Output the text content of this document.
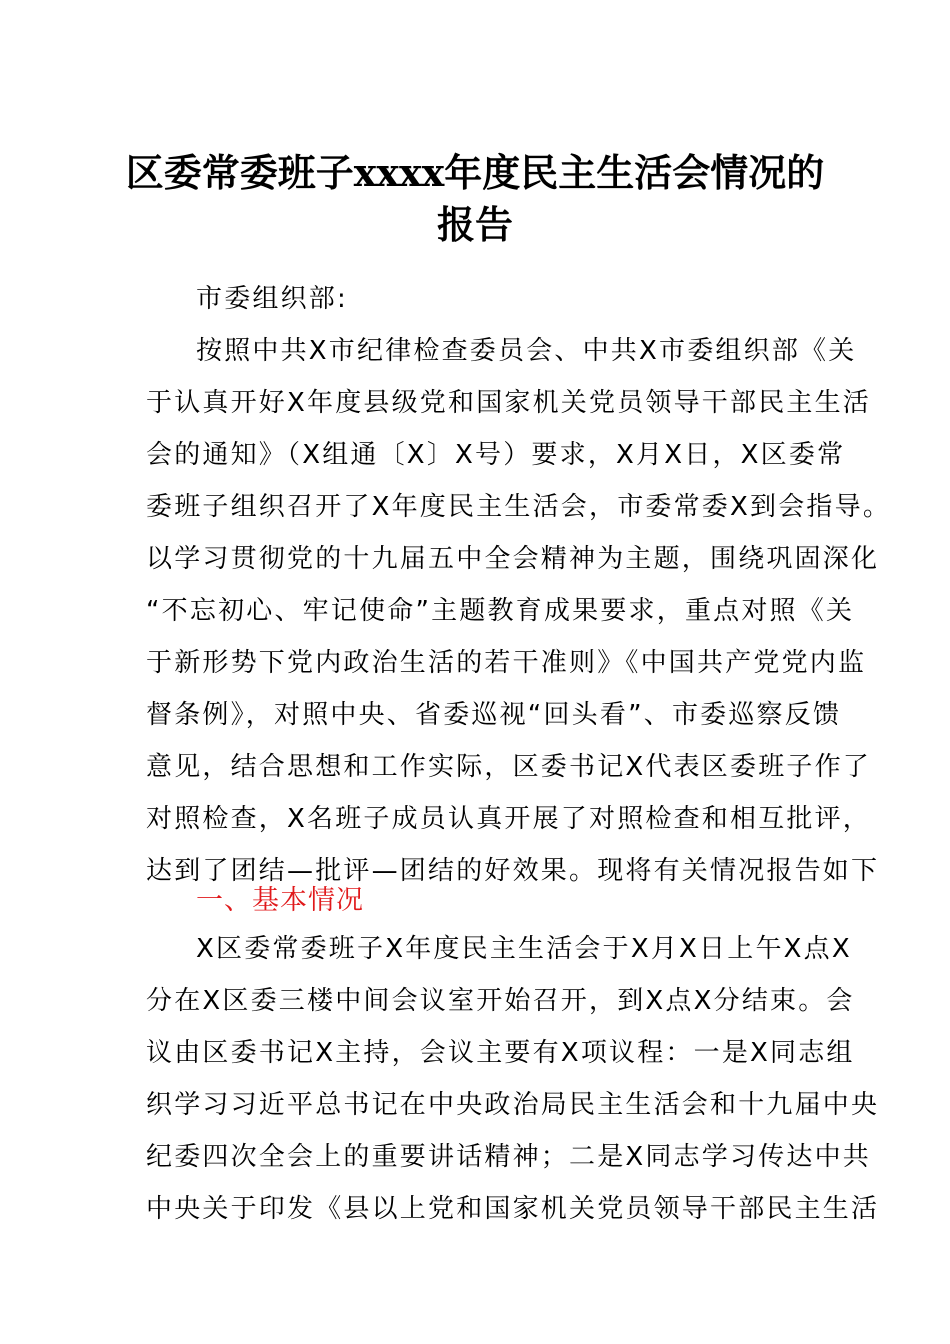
区委常委班子xxxx年度民主生活会情况的
报告
市委组织部:
按照中共X市纪律检查委员会、中共X市委组织部《关
于认真开好X年度县级党和国家机关党员领导干部民主生活
会的通知》（X组通〔X〕X号）要求，X月X日，X区委常
委班子组织召开了X年度民主生活会，市委常委X到会指导。
以学习贯彻党的十九届五中全会精神为主题，围绕巩固深化
“不忘初心、牢记使命”主题教育成果要求，重点对照《关
于新形势下党内政治生活的若干准则》《中国共产党党内监
督条例》，对照中央、省委巡视“回头看”、市委巡察反馈
意见，结合思想和工作实际，区委书记X代表区委班子作了
对照检查，X名班子成员认真开展了对照检查和相互批评，
达到了团结—批评—团结的好效果。现将有关情况报告如下
一、基本情况
X区委常委班子X年度民主生活会于X月X日上午X点X
分在X区委三楼中间会议室开始召开，到X点X分结束。会
议由区委书记X主持，会议主要有X项议程：一是X同志组
织学习习近平总书记在中央政治局民主生活会和十九届中央
纪委四次全会上的重要讲话精神；二是X同志学习传达中共
中央关于印发《县以上党和国家机关党员领导干部民主生活
